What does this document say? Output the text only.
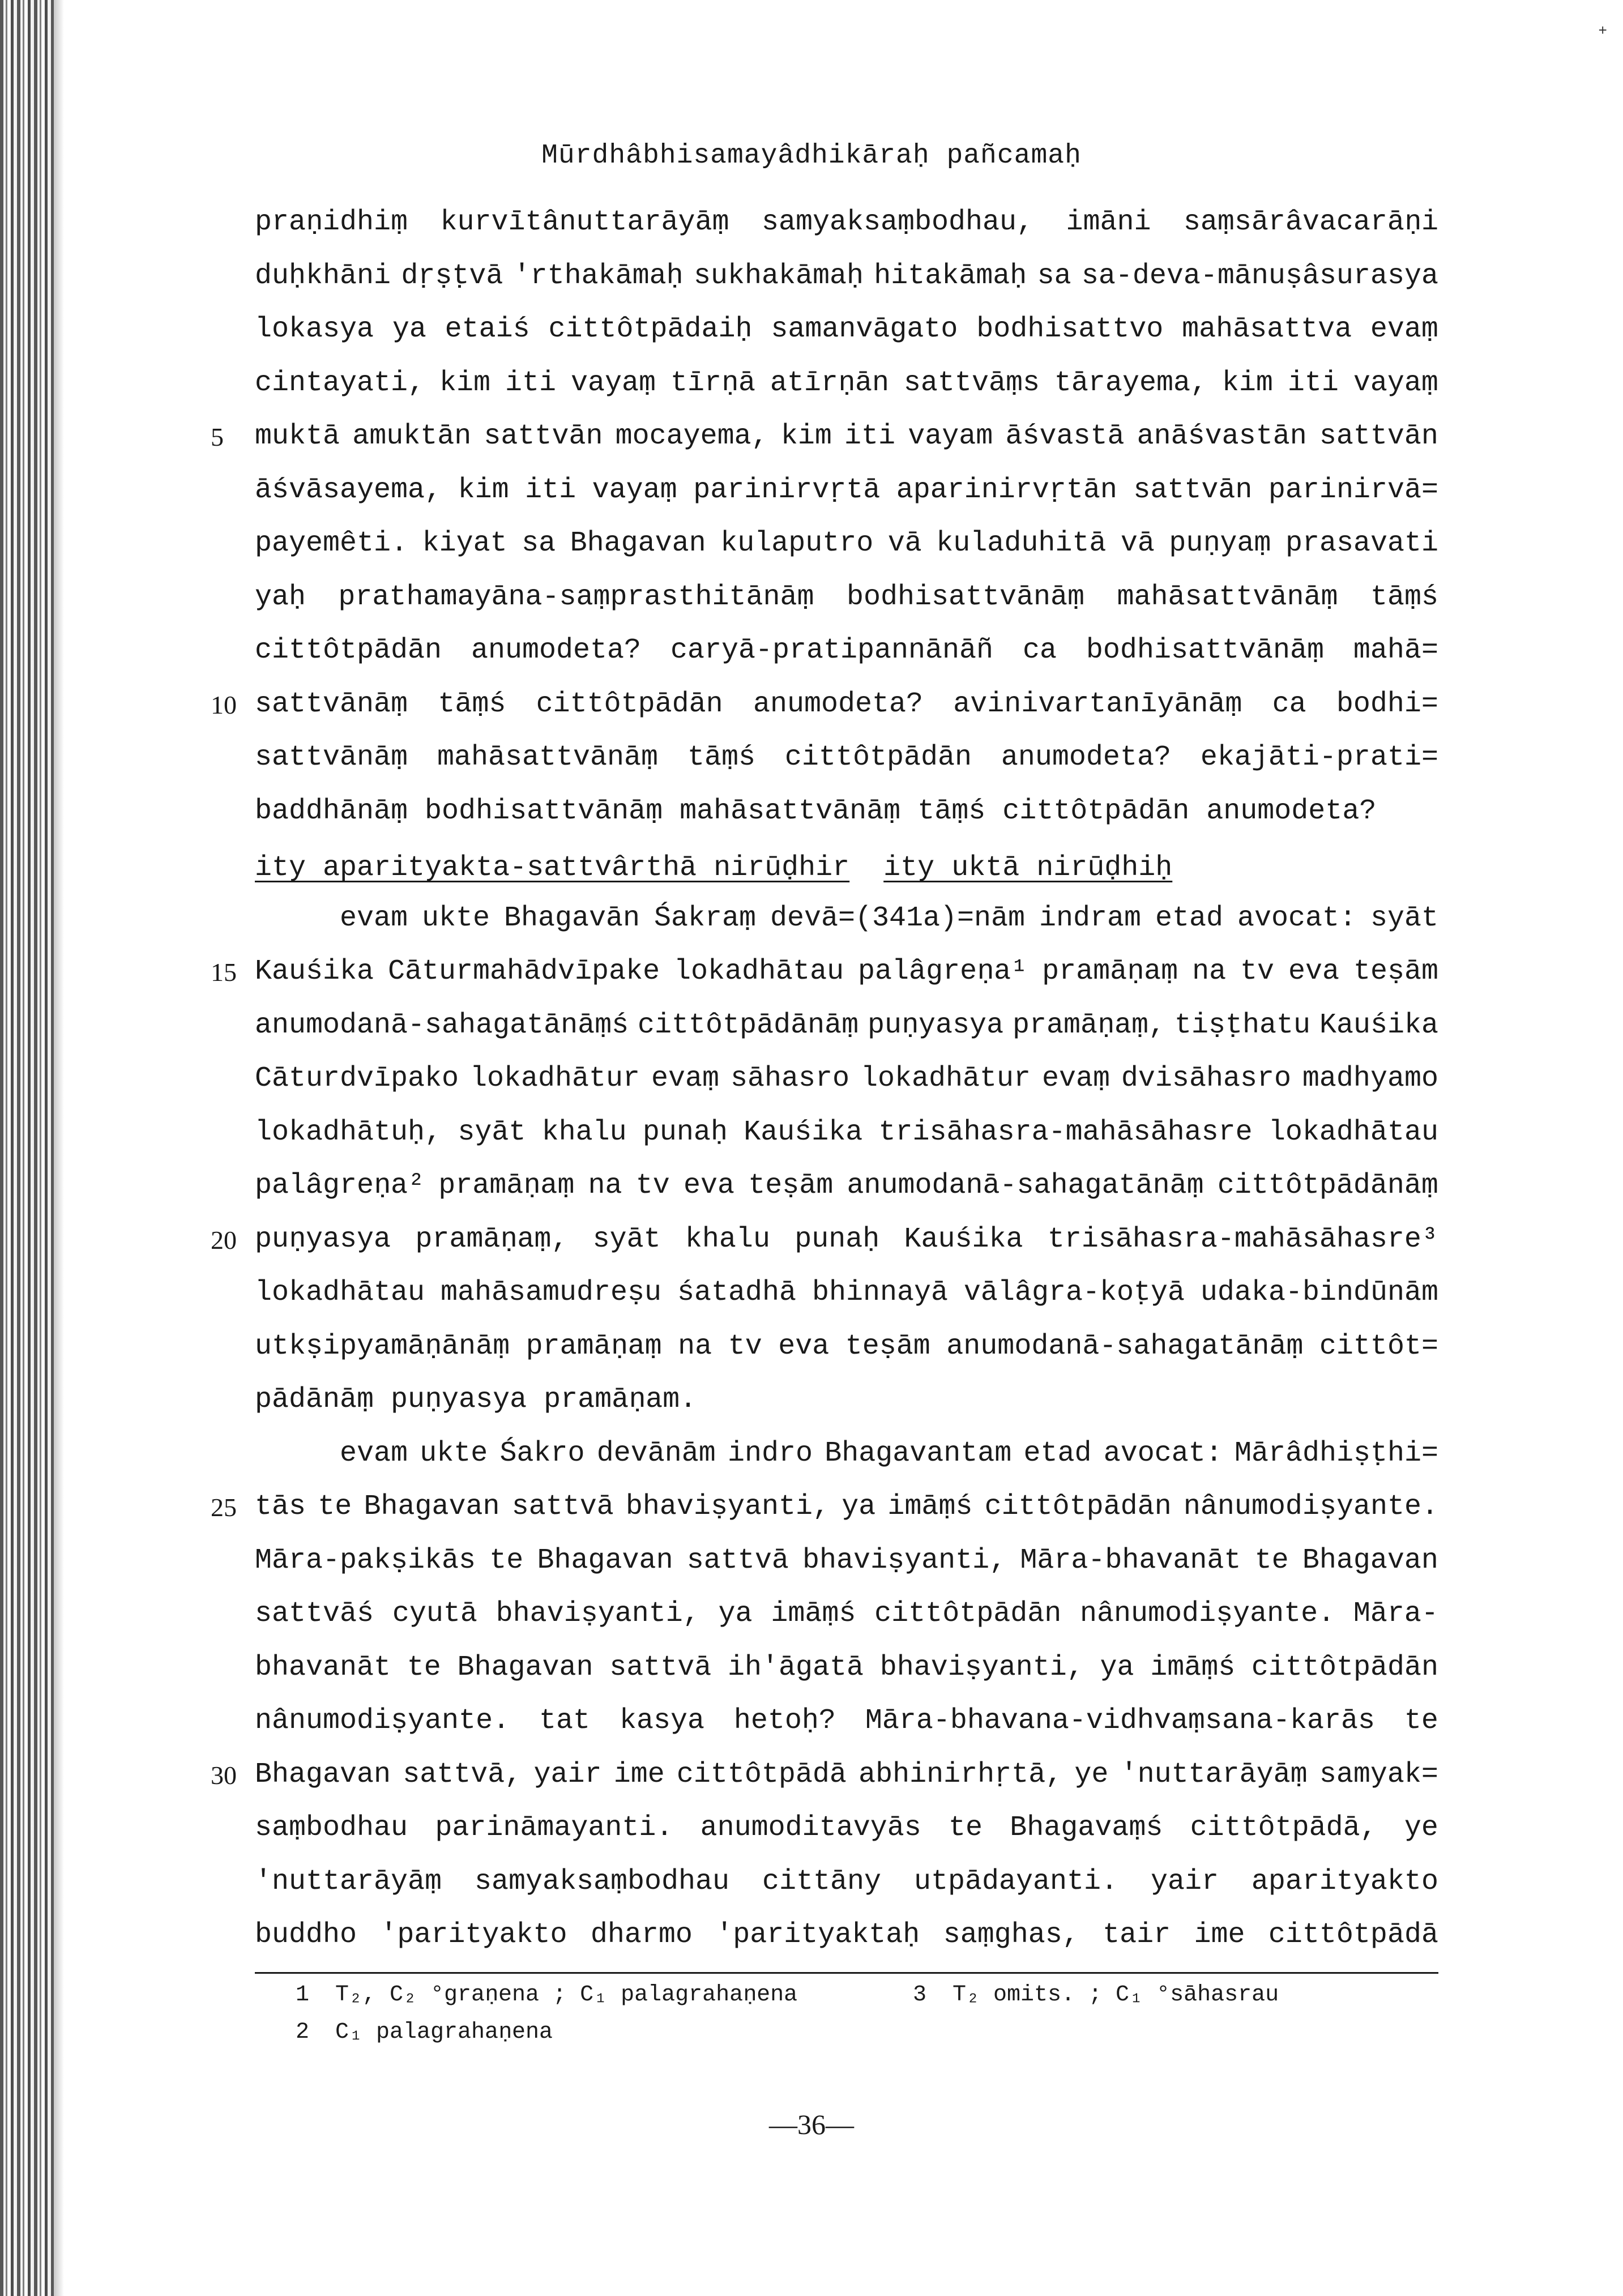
+
Mūrdhâbhisamayâdhikāraḥ pañcamaḥ
praṇidhiṃ kurvītânuttarāyāṃ samyaksaṃbodhau, imāni saṃsārâvacarāṇi
duḥkhāni dṛṣṭvā 'rthakāmaḥ sukhakāmaḥ hitakāmaḥ sa sa-deva-mānuṣâsurasya
lokasya ya etaiś cittôtpādaiḥ samanvāgato bodhisattvo mahāsattva evaṃ
cintayati, kim iti vayaṃ tīrṇā atīrṇān sattvāṃs tārayema, kim iti vayaṃ
muktā amuktān sattvān mocayema, kim iti vayam āśvastā anāśvastān sattvān
5
āśvāsayema, kim iti vayaṃ parinirvṛtā aparinirvṛtān sattvān parinirvā=
payemêti. kiyat sa Bhagavan kulaputro vā kuladuhitā vā puṇyaṃ prasavati
yaḥ prathamayāna-saṃprasthitānāṃ bodhisattvānāṃ mahāsattvānāṃ tāṃś
cittôtpādān anumodeta? caryā-pratipannānāñ ca bodhisattvānāṃ mahā=
sattvānāṃ tāṃś cittôtpādān anumodeta? avinivartanīyānāṃ ca bodhi=
10
sattvānāṃ mahāsattvānāṃ tāṃś cittôtpādān anumodeta? ekajāti-prati=
baddhānāṃ bodhisattvānāṃ mahāsattvānāṃ tāṃś cittôtpādān anumodeta?
evam ukte Bhagavān Śakraṃ devā=(341a)=nām indram etad avocat: syāt
Kauśika Cāturmahādvīpake lokadhātau palâgreṇa¹ pramāṇaṃ na tv eva teṣām
15
anumodanā-sahagatānāṃś cittôtpādānāṃ puṇyasya pramāṇaṃ, tiṣṭhatu Kauśika
Cāturdvīpako lokadhātur evaṃ sāhasro lokadhātur evaṃ dvisāhasro madhyamo
lokadhātuḥ, syāt khalu punaḥ Kauśika trisāhasra-mahāsāhasre lokadhātau
palâgreṇa² pramāṇaṃ na tv eva teṣām anumodanā-sahagatānāṃ cittôtpādānāṃ
puṇyasya pramāṇaṃ, syāt khalu punaḥ Kauśika trisāhasra-mahāsāhasre³
20
lokadhātau mahāsamudreṣu śatadhā bhinnayā vālâgra-koṭyā udaka-bindūnām
utkṣipyamāṇānāṃ pramāṇaṃ na tv eva teṣām anumodanā-sahagatānāṃ cittôt=
pādānāṃ puṇyasya pramāṇam.
evam ukte Śakro devānām indro Bhagavantam etad avocat: Mārâdhiṣṭhi=
tās te Bhagavan sattvā bhaviṣyanti, ya imāṃś cittôtpādān nânumodiṣyante.
25
Māra-pakṣikās te Bhagavan sattvā bhaviṣyanti, Māra-bhavanāt te Bhagavan
sattvāś cyutā bhaviṣyanti, ya imāṃś cittôtpādān nânumodiṣyante. Māra-
bhavanāt te Bhagavan sattvā ih'āgatā bhaviṣyanti, ya imāṃś cittôtpādān
nânumodiṣyante. tat kasya hetoḥ? Māra-bhavana-vidhvaṃsana-karās te
Bhagavan sattvā, yair ime cittôtpādā abhinirhṛtā, ye 'nuttarāyāṃ samyak=
30
saṃbodhau parināmayanti. anumoditavyās te Bhagavaṃś cittôtpādā, ye
'nuttarāyāṃ samyaksaṃbodhau cittāny utpādayanti. yair aparityakto
buddho 'parityakto dharmo 'parityaktaḥ saṃghas, tair ime cittôtpādā
ity aparityakta-sattvârthā nirūḍhir ity uktā nirūḍhiḥ
1 T₂, C₂ °graṇena ; C₁ palagrahaṇena	3 T₂ omits. ; C₁ °sāhasrau
2 C₁ palagrahaṇena
—36—
